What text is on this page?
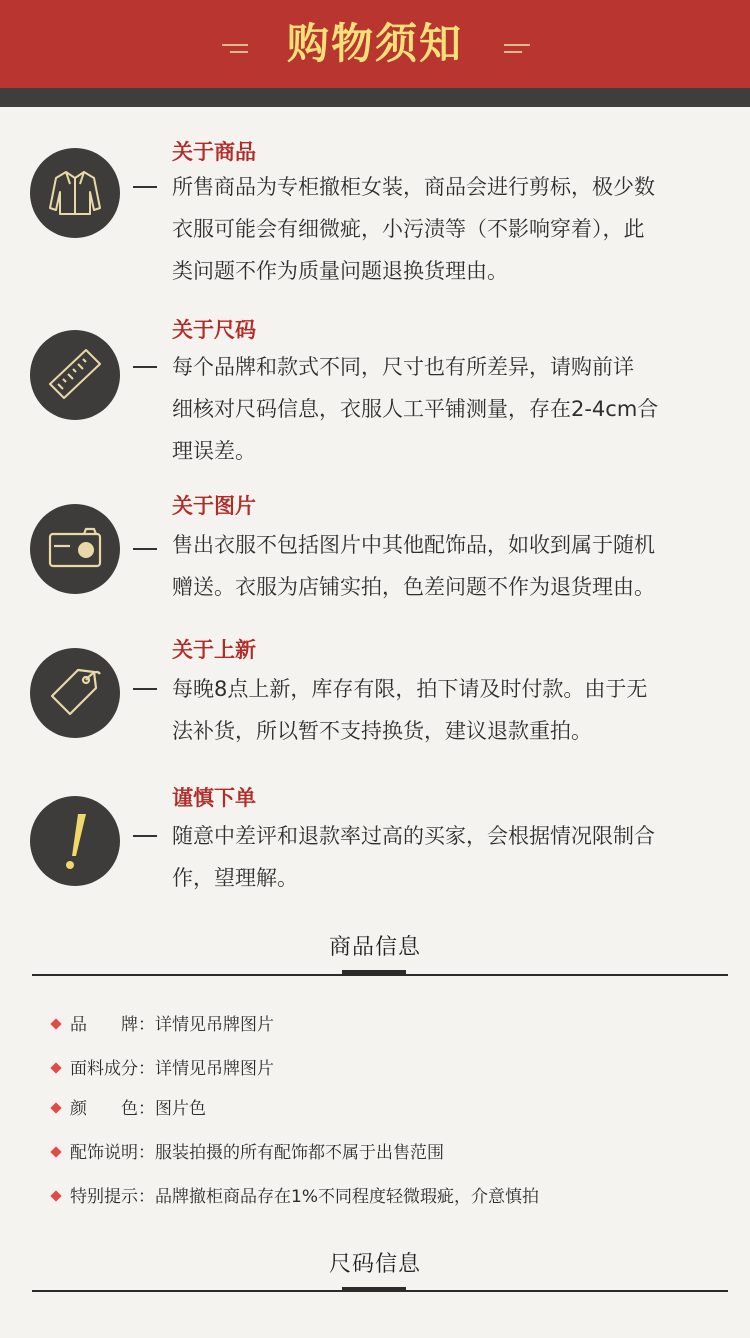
购物须知
关于商品
所售商品为专柜撤柜女装，商品会进行剪标，极少数
衣服可能会有细微疵，小污渍等（不影响穿着），此
类问题不作为质量问题退换货理由。
关于尺码
每个品牌和款式不同，尺寸也有所差异，请购前详
细核对尺码信息，衣服人工平铺测量，存在2-4cm合
理误差。
关于图片
售出衣服不包括图片中其他配饰品，如收到属于随机
赠送。衣服为店铺实拍，色差问题不作为退货理由。
关于上新
每晚8点上新，库存有限，拍下请及时付款。由于无
法补货，所以暂不支持换货，建议退款重拍。
谨慎下单
随意中差评和退款率过高的买家，会根据情况限制合
作，望理解。
商品信息
品　　牌：详情见吊牌图片
面料成分：详情见吊牌图片
颜　　色：图片色
配饰说明：服装拍摄的所有配饰都不属于出售范围
特别提示：品牌撤柜商品存在1%不同程度轻微瑕疵，介意慎拍
尺码信息
